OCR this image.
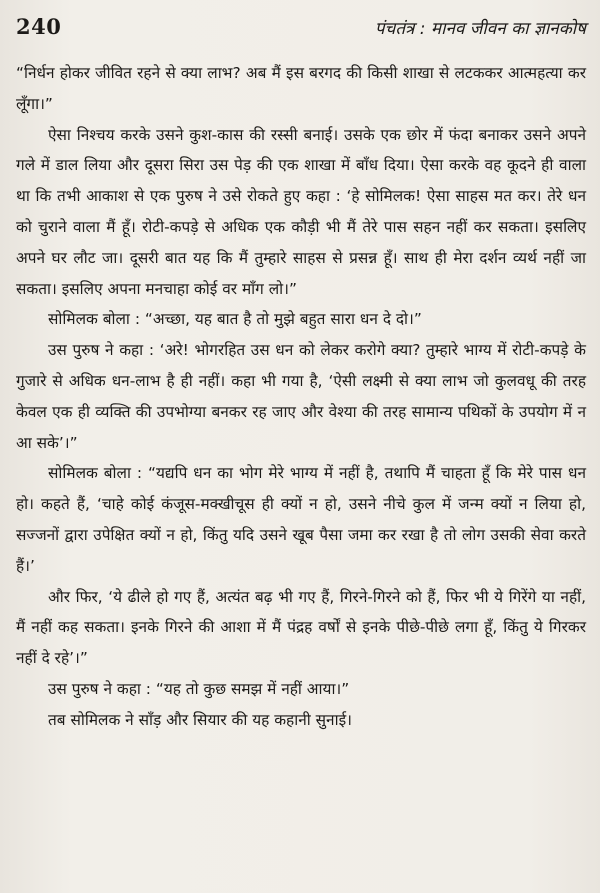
240	पंचतंत्र : मानव जीवन का ज्ञानकोष

“निर्धन होकर जीवित रहने से क्या लाभ? अब मैं इस बरगद की किसी शाखा से लटककर आत्महत्या कर लूँगा।”

ऐसा निश्चय करके उसने कुश-कास की रस्सी बनाई। उसके एक छोर में फंदा बनाकर उसने अपने गले में डाल लिया और दूसरा सिरा उस पेड़ की एक शाखा में बाँध दिया। ऐसा करके वह कूदने ही वाला था कि तभी आकाश से एक पुरुष ने उसे रोकते हुए कहा : ‘हे सोमिलक! ऐसा साहस मत कर। तेरे धन को चुराने वाला मैं हूँ। रोटी-कपड़े से अधिक एक कौड़ी भी मैं तेरे पास सहन नहीं कर सकता। इसलिए अपने घर लौट जा। दूसरी बात यह कि मैं तुम्हारे साहस से प्रसन्न हूँ। साथ ही मेरा दर्शन व्यर्थ नहीं जा सकता। इसलिए अपना मनचाहा कोई वर माँग लो।”

सोमिलक बोला : “अच्छा, यह बात है तो मुझे बहुत सारा धन दे दो।”

उस पुरुष ने कहा : ‘अरे! भोगरहित उस धन को लेकर करोगे क्या? तुम्हारे भाग्य में रोटी-कपड़े के गुजारे से अधिक धन-लाभ है ही नहीं। कहा भी गया है, ‘ऐसी लक्ष्मी से क्या लाभ जो कुलवधू की तरह केवल एक ही व्यक्ति की उपभोग्या बनकर रह जाए और वेश्या की तरह सामान्य पथिकों के उपयोग में न आ सके’।”

सोमिलक बोला : “यद्यपि धन का भोग मेरे भाग्य में नहीं है, तथापि मैं चाहता हूँ कि मेरे पास धन हो। कहते हैं, ‘चाहे कोई कंजूस-मक्खीचूस ही क्यों न हो, उसने नीचे कुल में जन्म क्यों न लिया हो, सज्जनों द्वारा उपेक्षित क्यों न हो, किंतु यदि उसने खूब पैसा जमा कर रखा है तो लोग उसकी सेवा करते हैं।’

और फिर, ‘ये ढीले हो गए हैं, अत्यंत बढ़ भी गए हैं, गिरने-गिरने को हैं, फिर भी ये गिरेंगे या नहीं, मैं नहीं कह सकता। इनके गिरने की आशा में मैं पंद्रह वर्षों से इनके पीछे-पीछे लगा हूँ, किंतु ये गिरकर नहीं दे रहे’।”

उस पुरुष ने कहा : “यह तो कुछ समझ में नहीं आया।”

तब सोमिलक ने साँड़ और सियार की यह कहानी सुनाई।
